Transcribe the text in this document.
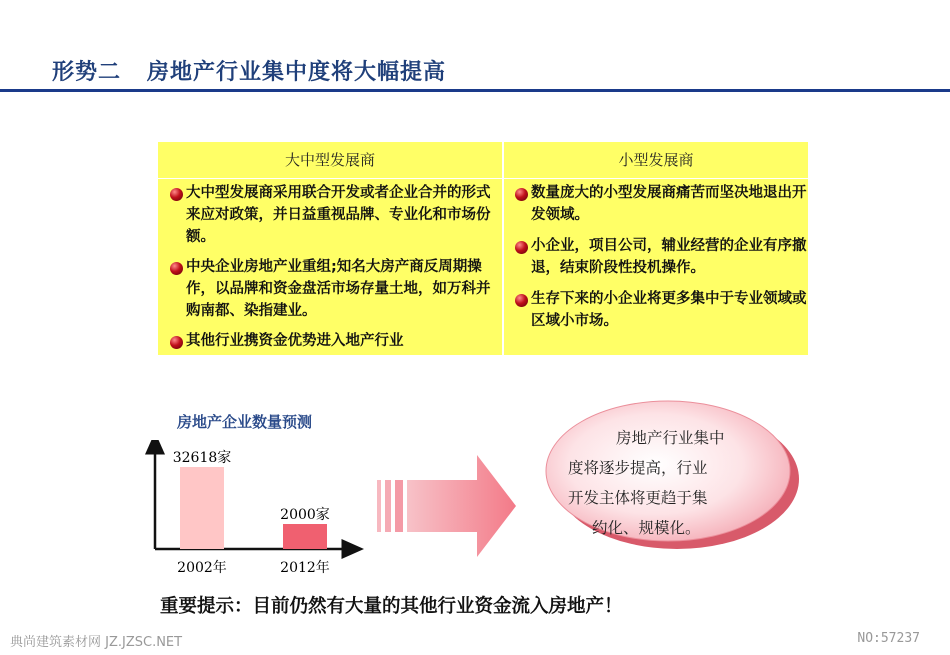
形势二 房地产行业集中度将大幅提高
大中型发展商	小型发展商
大中型发展商采用联合开发或者企业合并的形式来应对政策，并日益重视品牌、专业化和市场份额。
中央企业房地产业重组;知名大房产商反周期操作，以品牌和资金盘活市场存量土地，如万科并购南都、染指建业。
其他行业携资金优势进入地产行业
数量庞大的小型发展商痛苦而坚决地退出开发领域。
小企业，项目公司，辅业经营的企业有序撤退，结束阶段性投机操作。
生存下来的小企业将更多集中于专业领域或区域小市场。
房地产企业数量预测
32618家
2002年
2000家
2012年
房地产行业集中
度将逐步提高，行业
开发主体将更趋于集
约化、规模化。
重要提示：目前仍然有大量的其他行业资金流入房地产！
典尚建筑素材网 JZ.JZSC.NET	NO:57237
